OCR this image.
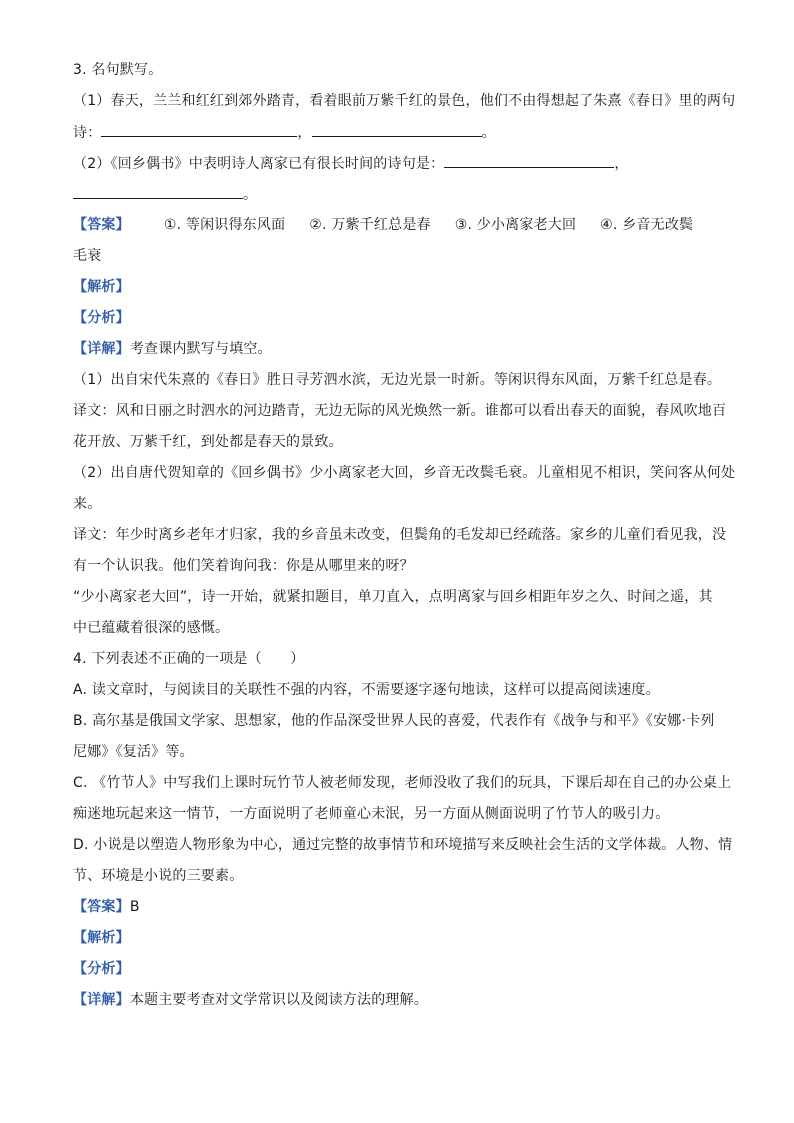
3. 名句默写。
（1）春天，兰兰和红红到郊外踏青，看着眼前万紫千红的景色，他们不由得想起了朱熹《春日》里的两句
诗：	，	。
（2）《回乡偶书》中表明诗人离家已有很长时间的诗句是：	，
。
【答案】 ①. 等闲识得东风面 ②. 万紫千红总是春 ③. 少小离家老大回 ④. 乡音无改鬓
毛衰
【解析】
【分析】
【详解】考查课内默写与填空。
（1）出自宋代朱熹的《春日》胜日寻芳泗水滨，无边光景一时新。等闲识得东风面，万紫千红总是春。
译文：风和日丽之时泗水的河边踏青，无边无际的风光焕然一新。谁都可以看出春天的面貌，春风吹地百
花开放、万紫千红，到处都是春天的景致。
（2）出自唐代贺知章的《回乡偶书》少小离家老大回，乡音无改鬓毛衰。儿童相见不相识，笑问客从何处
来。
译文：年少时离乡老年才归家，我的乡音虽未改变，但鬓角的毛发却已经疏落。家乡的儿童们看见我，没
有一个认识我。他们笑着询问我：你是从哪里来的呀？
“少小离家老大回”，诗一开始，就紧扣题目，单刀直入，点明离家与回乡相距年岁之久、时间之遥，其
中已蕴藏着很深的感慨。
4. 下列表述不正确的一项是（　　）
A. 读文章时，与阅读目的关联性不强的内容，不需要逐字逐句地读，这样可以提高阅读速度。
B. 高尔基是俄国文学家、思想家，他的作品深受世界人民的喜爱，代表作有《战争与和平》《安娜·卡列
尼娜》《复活》等。
C. 《竹节人》中写我们上课时玩竹节人被老师发现，老师没收了我们的玩具，下课后却在自己的办公桌上
痴迷地玩起来这一情节，一方面说明了老师童心未泯，另一方面从侧面说明了竹节人的吸引力。
D. 小说是以塑造人物形象为中心，通过完整的故事情节和环境描写来反映社会生活的文学体裁。人物、情
节、环境是小说的三要素。
【答案】B
【解析】
【分析】
【详解】本题主要考查对文学常识以及阅读方法的理解。
